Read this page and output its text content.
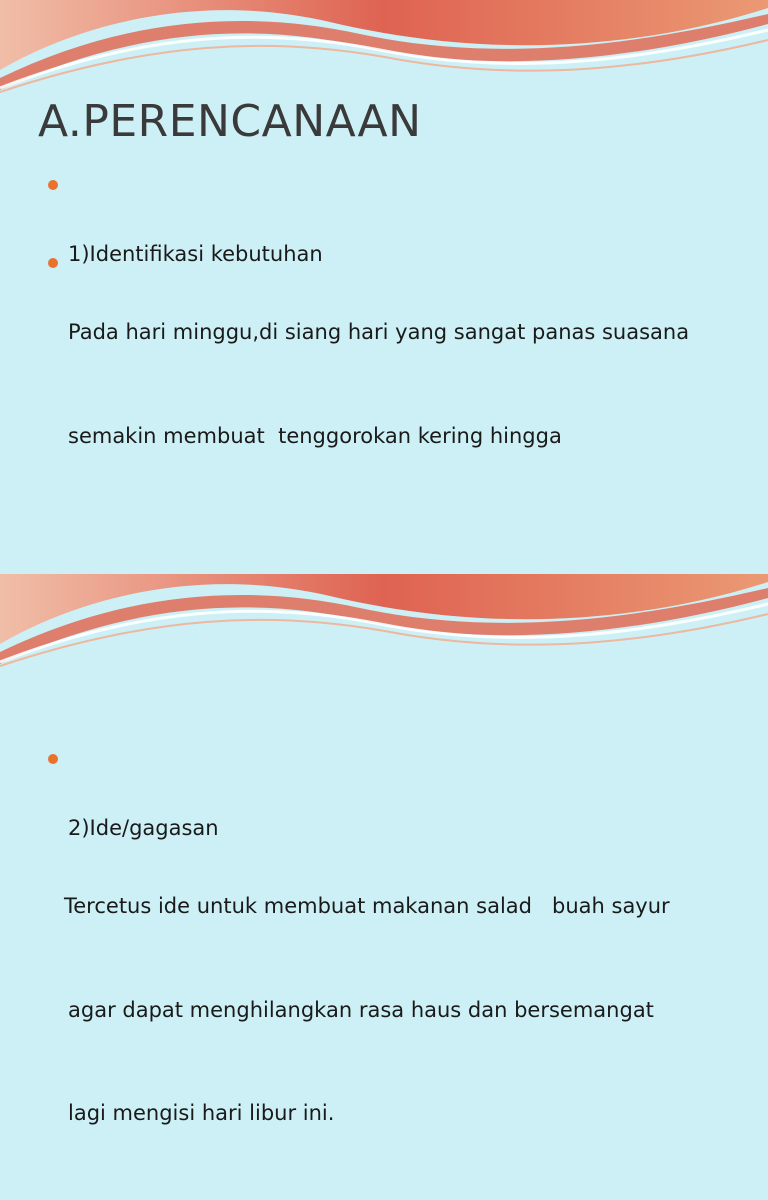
A.PERENCANAAN

1)Identifikasi kebutuhan

Pada hari minggu,di siang hari yang sangat panas suasana

semakin membuat  tenggorokan kering hingga

2)Ide/gagasan

Tercetus ide untuk membuat makanan salad   buah sayur

agar dapat menghilangkan rasa haus dan bersemangat

lagi mengisi hari libur ini.
